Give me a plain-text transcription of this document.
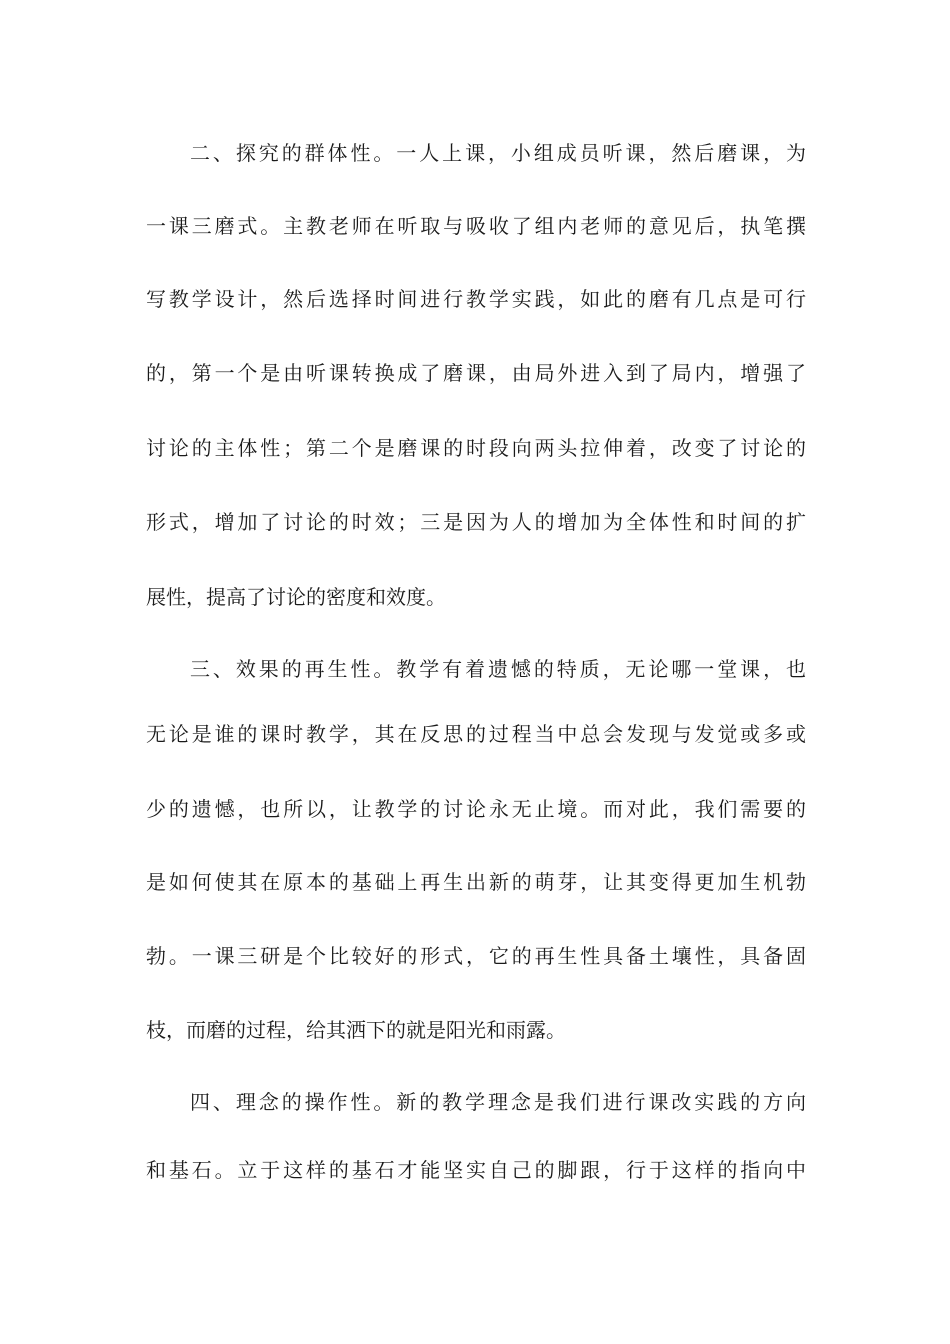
二、探究的群体性。一人上课，小组成员听课，然后磨课，为
一课三磨式。主教老师在听取与吸收了组内老师的意见后，执笔撰
写教学设计，然后选择时间进行教学实践，如此的磨有几点是可行
的，第一个是由听课转换成了磨课，由局外进入到了局内，增强了
讨论的主体性；第二个是磨课的时段向两头拉伸着，改变了讨论的
形式，增加了讨论的时效；三是因为人的增加为全体性和时间的扩
展性，提高了讨论的密度和效度。
三、效果的再生性。教学有着遗憾的特质，无论哪一堂课，也
无论是谁的课时教学，其在反思的过程当中总会发现与发觉或多或
少的遗憾，也所以，让教学的讨论永无止境。而对此，我们需要的
是如何使其在原本的基础上再生出新的萌芽，让其变得更加生机勃
勃。一课三研是个比较好的形式，它的再生性具备土壤性，具备固
枝，而磨的过程，给其洒下的就是阳光和雨露。
四、理念的操作性。新的教学理念是我们进行课改实践的方向
和基石。立于这样的基石才能坚实自己的脚跟，行于这样的指向中
